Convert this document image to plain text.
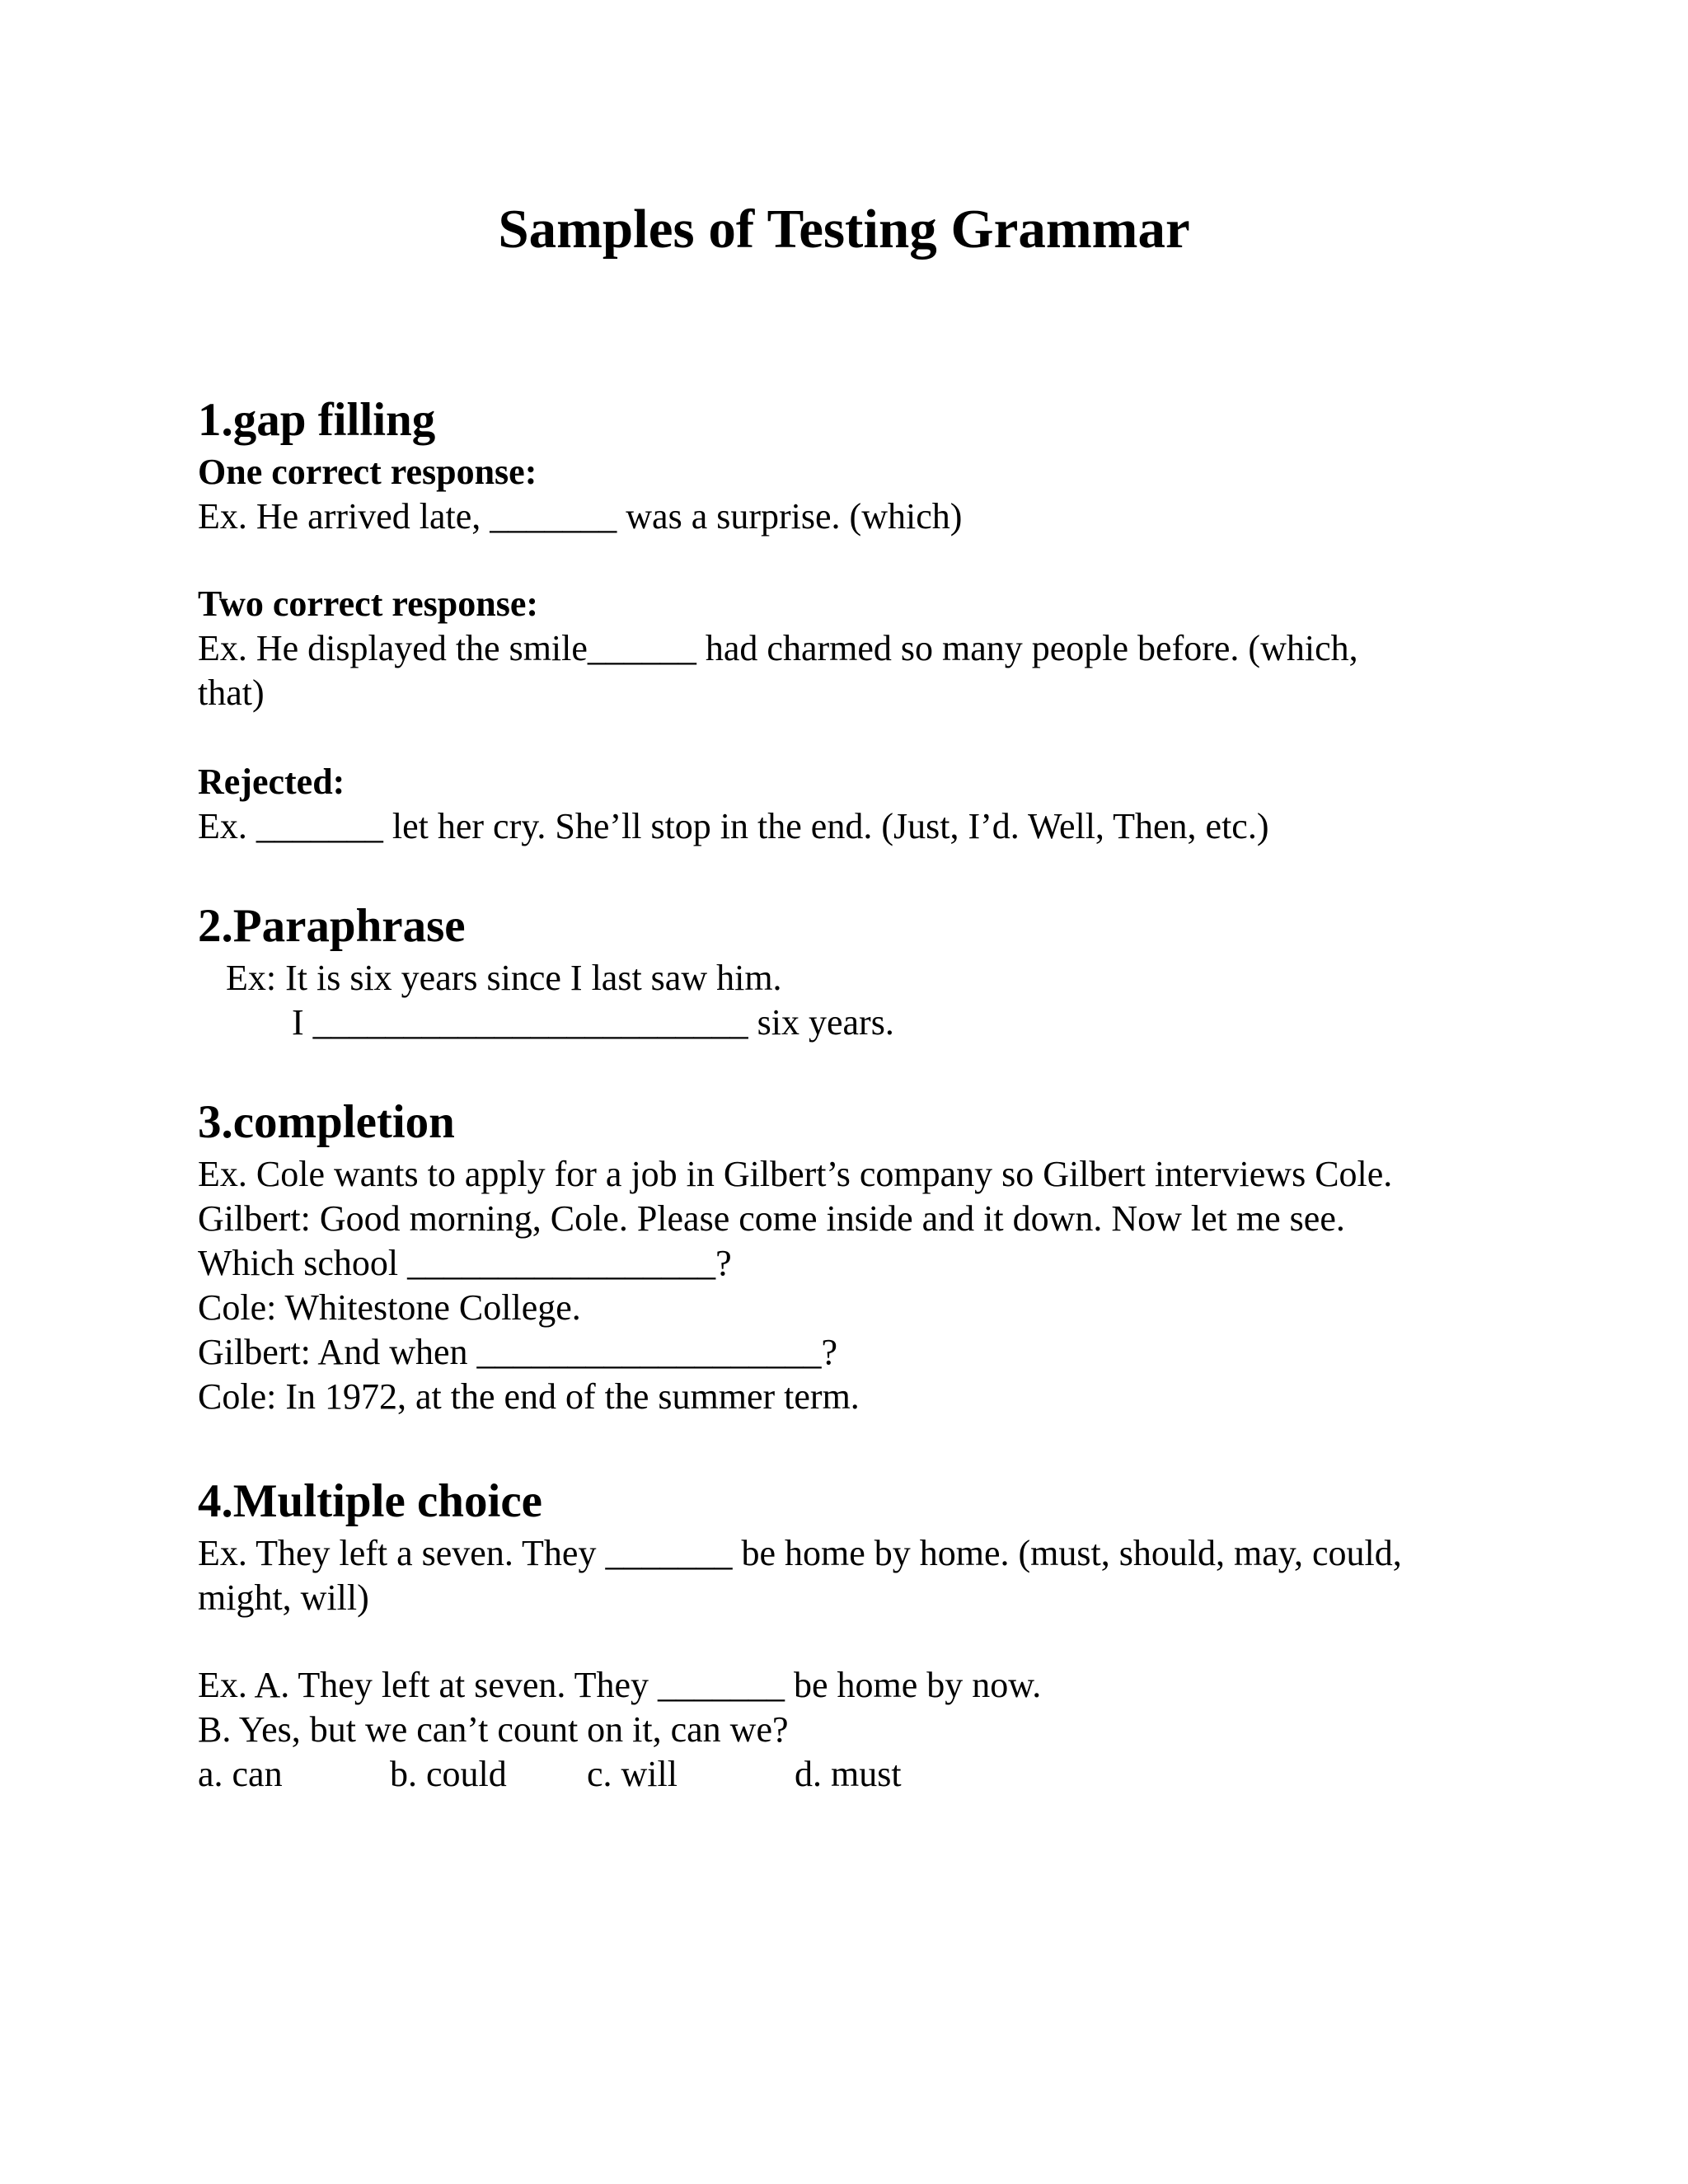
Samples of Testing Grammar
1.gap filling
One correct response:
Ex. He arrived late, _______ was a surprise. (which)
Two correct response:
Ex. He displayed the smile______ had charmed so many people before. (which,
that)
Rejected:
Ex. _______ let her cry. She’ll stop in the end. (Just, I’d. Well, Then, etc.)
2.Paraphrase
Ex: It is six years since I last saw him.
I ________________________ six years.
3.completion
Ex. Cole wants to apply for a job in Gilbert’s company so Gilbert interviews Cole.
Gilbert: Good morning, Cole. Please come inside and it down. Now let me see.
Which school _________________?
Cole: Whitestone College.
Gilbert: And when ___________________?
Cole: In 1972, at the end of the summer term.
4.Multiple choice
Ex. They left a seven. They _______ be home by home. (must, should, may, could,
might, will)
Ex. A. They left at seven. They _______ be home by now.
B. Yes, but we can’t count on it, can we?
a. can	b. could c. will	d. must
